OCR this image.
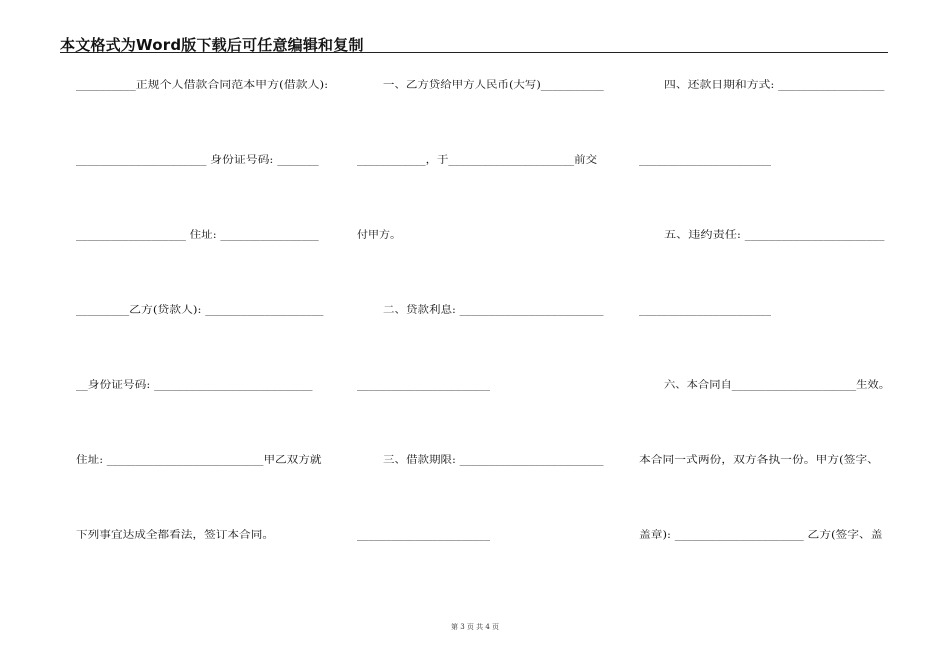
本文格式为Word版下载后可任意编辑和复制
__________正规个人借款合同范本甲方(借款人):
______________________ 身份证号码: _______
___________________ 住址: _________________
_________乙方(贷款人): ____________________
__身份证号码: ___________________________
住址: ___________________________甲乙双方就
下列事宜达成全都看法，签订本合同。
一、乙方贷给甲方人民币(大写)___________
____________，于______________________前交
付甲方。
二、贷款利息: _________________________
_______________________
三、借款期限: _________________________
_______________________
四、还款日期和方式: __________________
_______________________
五、违约责任: _______________________
_______________________
六、本合同自______________________生效。
本合同一式两份，双方各执一份。甲方(签字、
盖章): ______________________ 乙方(签字、盖
第 3 页 共 4 页
